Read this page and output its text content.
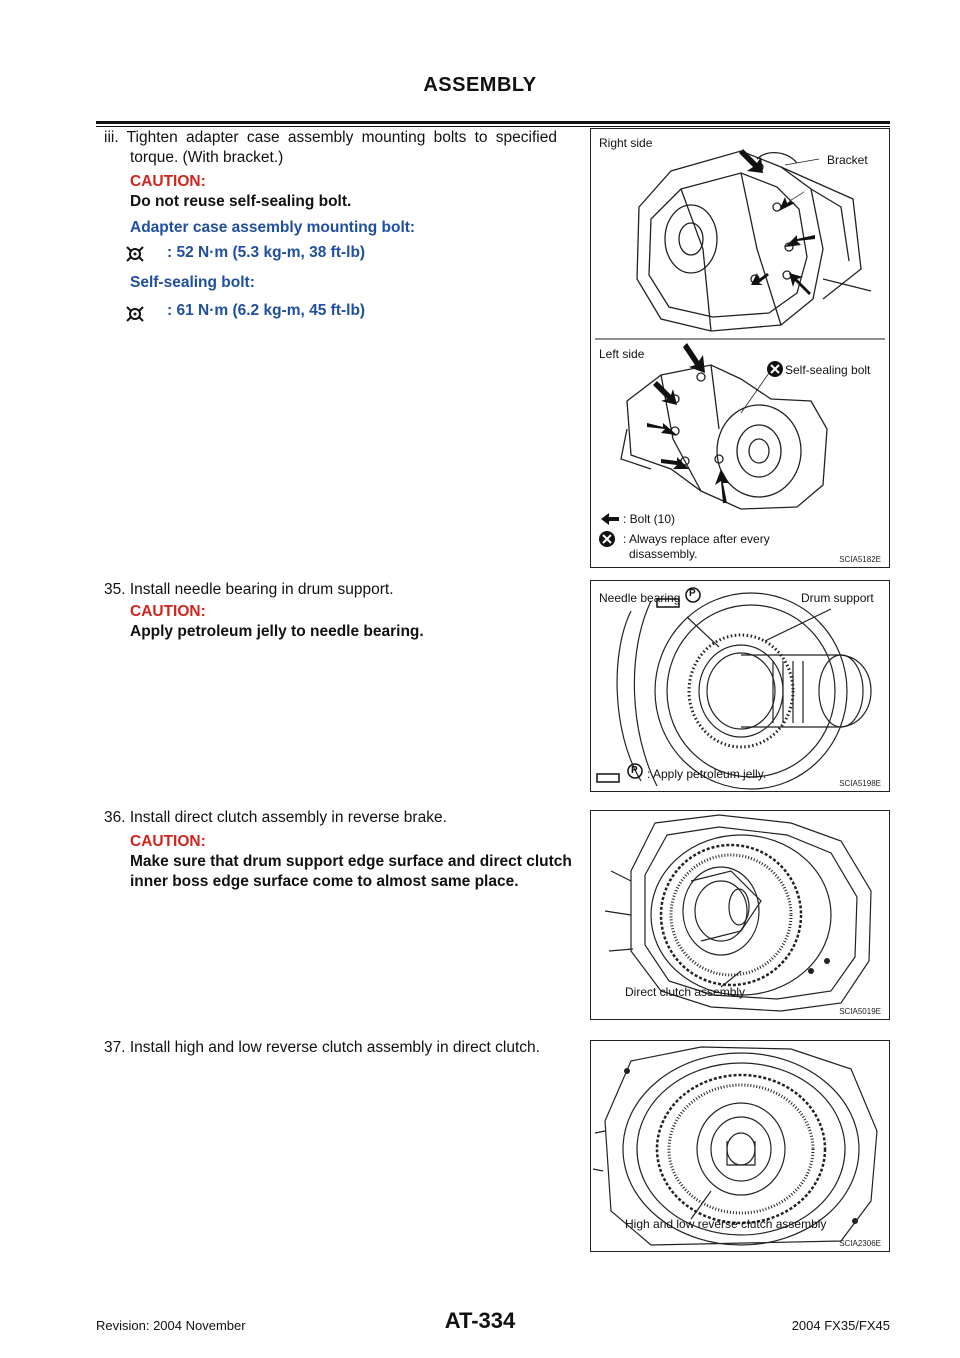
ASSEMBLY
iii. Tighten adapter case assembly mounting bolts to specified
torque. (With bracket.)
CAUTION:
Do not reuse self-sealing bolt.
Adapter case assembly mounting bolt:
: 52 N·m (5.3 kg-m, 38 ft-lb)
Self-sealing bolt:
: 61 N·m (6.2 kg-m, 45 ft-lb)
35. Install needle bearing in drum support.
CAUTION:
Apply petroleum jelly to needle bearing.
36. Install direct clutch assembly in reverse brake.
CAUTION:
Make sure that drum support edge surface and direct clutch
inner boss edge surface come to almost same place.
37. Install high and low reverse clutch assembly in direct clutch.
Right side
Bracket
Left side
Self-sealing bolt
: Bolt (10)
: Always replace after every
disassembly.	SCIA5182E
Needle bearing P	Drum support
P : Apply petroleum jelly.
SCIA5198E
Direct clutch assembly
SCIA5019E
High and low reverse clutch assembly
SCIA2306E
Revision: 2004 November	AT-334	2004 FX35/FX45
